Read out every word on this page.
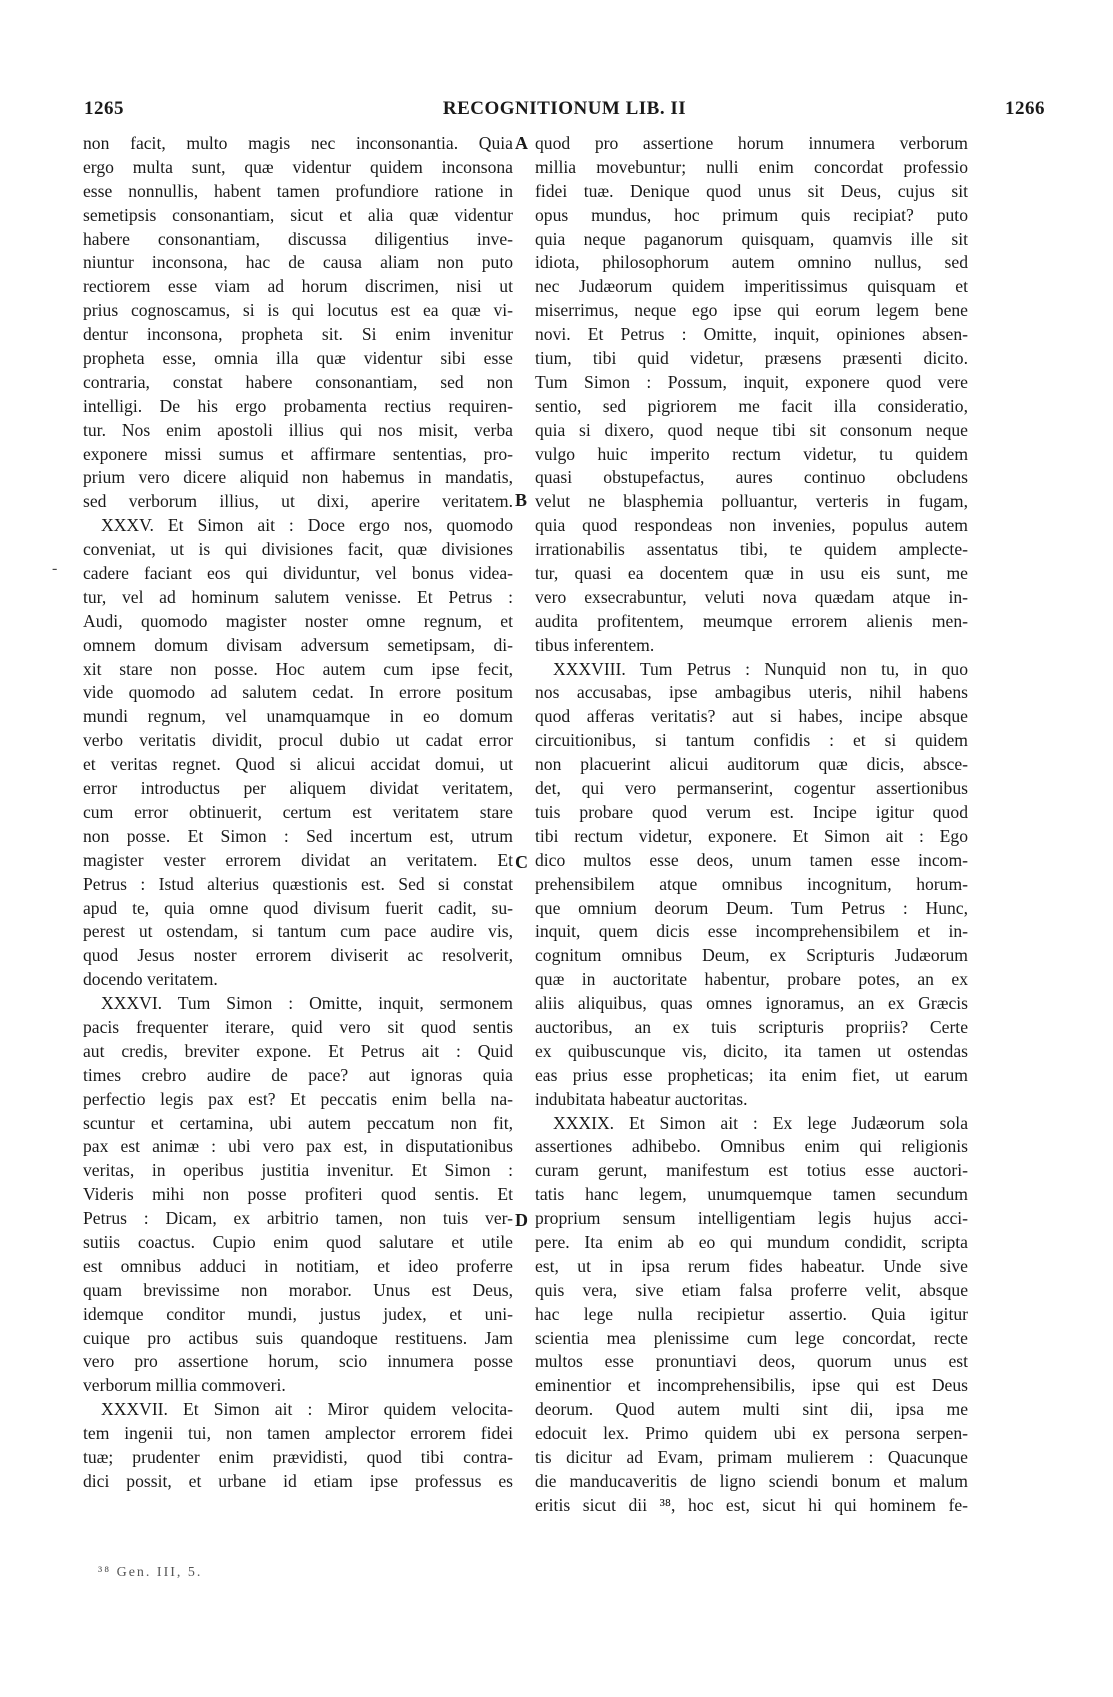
1265	RECOGNITIONUM LIB. II	1266
non facit, multo magis nec inconsonantia. Quia
ergo multa sunt, quæ videntur quidem inconsona
esse nonnullis, habent tamen profundiore ratione in
semetipsis consonantiam, sicut et alia quæ videntur
habere consonantiam, discussa diligentius inve-
niuntur inconsona, hac de causa aliam non puto
rectiorem esse viam ad horum discrimen, nisi ut
prius cognoscamus, si is qui locutus est ea quæ vi-
dentur inconsona, propheta sit. Si enim invenitur
propheta esse, omnia illa quæ videntur sibi esse
contraria, constat habere consonantiam, sed non
intelligi. De his ergo probamenta rectius requiren-
tur. Nos enim apostoli illius qui nos misit, verba
exponere missi sumus et affirmare sententias, pro-
prium vero dicere aliquid non habemus in mandatis,
sed verborum illius, ut dixi, aperire veritatem.
XXXV. Et Simon ait : Doce ergo nos, quomodo
conveniat, ut is qui divisiones facit, quæ divisiones
cadere faciant eos qui dividuntur, vel bonus videa-
tur, vel ad hominum salutem venisse. Et Petrus :
Audi, quomodo magister noster omne regnum, et
omnem domum divisam adversum semetipsam, di-
xit stare non posse. Hoc autem cum ipse fecit,
vide quomodo ad salutem cedat. In errore positum
mundi regnum, vel unamquamque in eo domum
verbo veritatis dividit, procul dubio ut cadat error
et veritas regnet. Quod si alicui accidat domui, ut
error introductus per aliquem dividat veritatem,
cum error obtinuerit, certum est veritatem stare
non posse. Et Simon : Sed incertum est, utrum
magister vester errorem dividat an veritatem. Et
Petrus : Istud alterius quæstionis est. Sed si constat
apud te, quia omne quod divisum fuerit cadit, su-
perest ut ostendam, si tantum cum pace audire vis,
quod Jesus noster errorem diviserit ac resolverit,
docendo veritatem.
XXXVI. Tum Simon : Omitte, inquit, sermonem
pacis frequenter iterare, quid vero sit quod sentis
aut credis, breviter expone. Et Petrus ait : Quid
times crebro audire de pace? aut ignoras quia
perfectio legis pax est? Et peccatis enim bella na-
scuntur et certamina, ubi autem peccatum non fit,
pax est animæ : ubi vero pax est, in disputationibus
veritas, in operibus justitia invenitur. Et Simon :
Videris mihi non posse profiteri quod sentis. Et
Petrus : Dicam, ex arbitrio tamen, non tuis ver-
sutiis coactus. Cupio enim quod salutare et utile
est omnibus adduci in notitiam, et ideo proferre
quam brevissime non morabor. Unus est Deus,
idemque conditor mundi, justus judex, et uni-
cuique pro actibus suis quandoque restituens. Jam
vero pro assertione horum, scio innumera posse
verborum millia commoveri.
XXXVII. Et Simon ait : Miror quidem velocita-
tem ingenii tui, non tamen amplector errorem fidei
tuæ; prudenter enim prævidisti, quod tibi contra-
dici possit, et urbane id etiam ipse professus es
quod pro assertione horum innumera verborum
millia movebuntur; nulli enim concordat professio
fidei tuæ. Denique quod unus sit Deus, cujus sit
opus mundus, hoc primum quis recipiat? puto
quia neque paganorum quisquam, quamvis ille sit
idiota, philosophorum autem omnino nullus, sed
nec Judæorum quidem imperitissimus quisquam et
miserrimus, neque ego ipse qui eorum legem bene
novi. Et Petrus : Omitte, inquit, opiniones absen-
tium, tibi quid videtur, præsens præsenti dicito.
Tum Simon : Possum, inquit, exponere quod vere
sentio, sed pigriorem me facit illa consideratio,
quia si dixero, quod neque tibi sit consonum neque
vulgo huic imperito rectum videtur, tu quidem
quasi obstupefactus, aures continuo obcludens
velut ne blasphemia polluantur, verteris in fugam,
quia quod respondeas non invenies, populus autem
irrationabilis assentatus tibi, te quidem amplecte-
tur, quasi ea docentem quæ in usu eis sunt, me
vero exsecrabuntur, veluti nova quædam atque in-
audita profitentem, meumque errorem alienis men-
tibus inferentem.
XXXVIII. Tum Petrus : Nunquid non tu, in quo
nos accusabas, ipse ambagibus uteris, nihil habens
quod afferas veritatis? aut si habes, incipe absque
circuitionibus, si tantum confidis : et si quidem
non placuerint alicui auditorum quæ dicis, absce-
det, qui vero permanserint, cogentur assertionibus
tuis probare quod verum est. Incipe igitur quod
tibi rectum videtur, exponere. Et Simon ait : Ego
dico multos esse deos, unum tamen esse incom-
prehensibilem atque omnibus incognitum, horum-
que omnium deorum Deum. Tum Petrus : Hunc,
inquit, quem dicis esse incomprehensibilem et in-
cognitum omnibus Deum, ex Scripturis Judæorum
quæ in auctoritate habentur, probare potes, an ex
aliis aliquibus, quas omnes ignoramus, an ex Græcis
auctoribus, an ex tuis scripturis propriis? Certe
ex quibuscunque vis, dicito, ita tamen ut ostendas
eas prius esse propheticas; ita enim fiet, ut earum
indubitata habeatur auctoritas.
XXXIX. Et Simon ait : Ex lege Judæorum sola
assertiones adhibebo. Omnibus enim qui religionis
curam gerunt, manifestum est totius esse auctori-
tatis hanc legem, unumquemque tamen secundum
proprium sensum intelligentiam legis hujus acci-
pere. Ita enim ab eo qui mundum condidit, scripta
est, ut in ipsa rerum fides habeatur. Unde sive
quis vera, sive etiam falsa proferre velit, absque
hac lege nulla recipietur assertio. Quia igitur
scientia mea plenissime cum lege concordat, recte
multos esse pronuntiavi deos, quorum unus est
eminentior et incomprehensibilis, ipse qui est Deus
deorum. Quod autem multi sint dii, ipsa me
edocuit lex. Primo quidem ubi ex persona serpen-
tis dicitur ad Evam, primam mulierem : Quacunque
die manducaveritis de ligno sciendi bonum et malum
eritis sicut dii ³⁸, hoc est, sicut hi qui hominem fe-
A
B
C
D
-
³⁸ Gen. III, 5.
